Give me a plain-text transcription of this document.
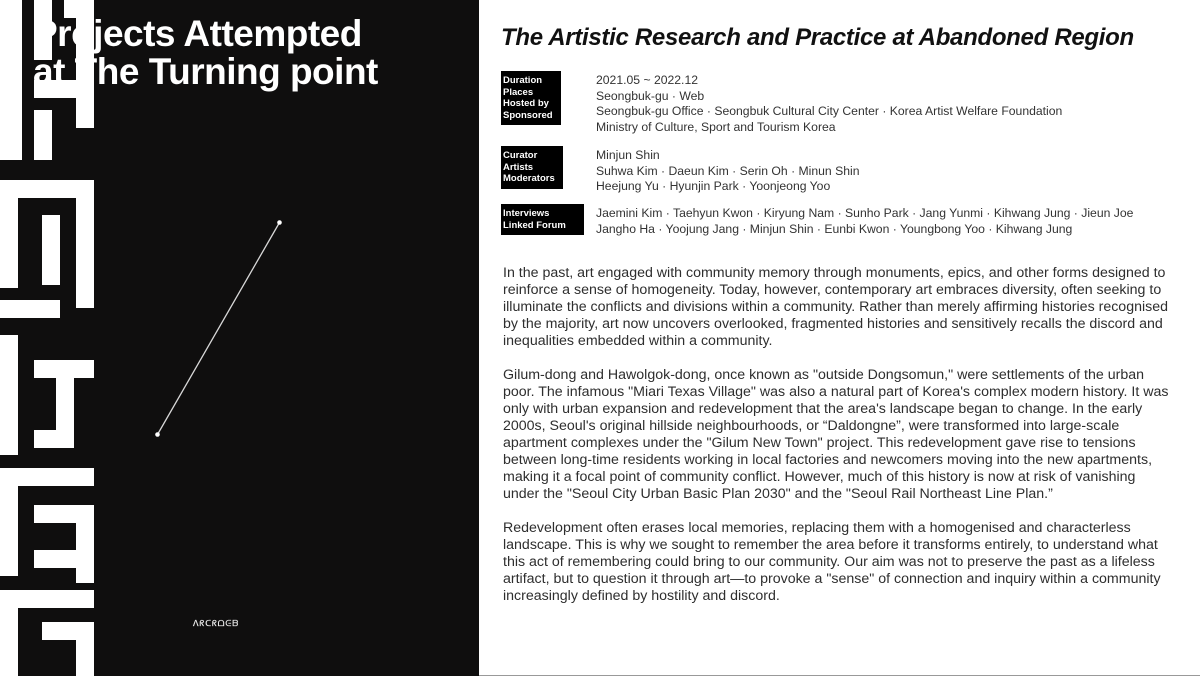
Projects Attempted
at The Turning point
ᐱᖇᑕᖇᗝᕮᗷ
The Artistic Research and Practice at Abandoned Region
Duration
Places
Hosted by
Sponsored
2021.05 ~ 2022.12
Seongbuk-gu · Web
Seongbuk-gu Office · Seongbuk Cultural City Center · Korea Artist Welfare Foundation
Ministry of Culture, Sport and Tourism Korea
Curator
Artists
Moderators
Minjun Shin
Suhwa Kim · Daeun Kim · Serin Oh · Minun Shin
Heejung Yu · Hyunjin Park · Yoonjeong Yoo
Interviews
Linked Forum
Jaemini Kim · Taehyun Kwon · Kiryung Nam · Sunho Park · Jang Yunmi · Kihwang Jung · Jieun Joe
Jangho Ha · Yoojung Jang · Minjun Shin · Eunbi Kwon · Youngbong Yoo · Kihwang Jung

In the past, art engaged with community memory through monuments, epics, and other forms designed to reinforce a sense of homogeneity. Today, however, contemporary art embraces diversity, often seeking to illuminate the conflicts and divisions within a community. Rather than merely affirming histories recognised by the majority, art now uncovers overlooked, fragmented histories and sensitively recalls the discord and inequalities embedded within a community.

Gilum-dong and Hawolgok-dong, once known as "outside Dongsomun," were settlements of the urban poor. The infamous "Miari Texas Village" was also a natural part of Korea's complex modern history. It was only with urban expansion and redevelopment that the area's landscape began to change. In the early 2000s, Seoul's original hillside neighbourhoods, or “Daldongne”, were transformed into large-scale apartment complexes under the "Gilum New Town" project. This redevelopment gave rise to tensions between long-time residents working in local factories and newcomers moving into the new apartments, making it a focal point of community conflict. However, much of this history is now at risk of vanishing under the "Seoul City Urban Basic Plan 2030" and the "Seoul Rail Northeast Line Plan.”

Redevelopment often erases local memories, replacing them with a homogenised and characterless landscape. This is why we sought to remember the area before it transforms entirely, to understand what this act of remembering could bring to our community. Our aim was not to preserve the past as a lifeless artifact, but to question it through art—to provoke a "sense" of connection and inquiry within a community increasingly defined by hostility and discord.
